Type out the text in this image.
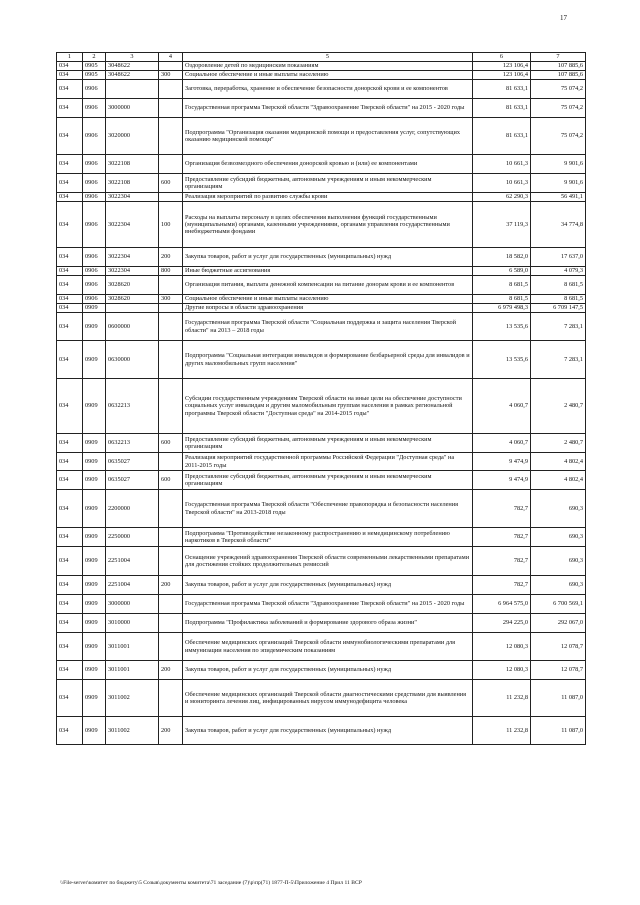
17
1	2	3	4	5	6	7
034	0905	3048622		Оздоровление детей по медицинским показаниям	123 106,4	107 885,6
034	0905	3048622	300	Социальное обеспечение и иные выплаты населению	123 106,4	107 885,6
034	0906			Заготовка, переработка, хранение и обеспечение безопасности донорской крови и ее компонентов	81 633,1	75 074,2
034	0906	3000000		Государственная программа Тверской области "Здравоохранение Тверской области" на 2015 - 2020 годы	81 633,1	75 074,2
034	0906	3020000		Подпрограмма "Организация оказания медицинской помощи и предоставления услуг, сопутствующих оказанию медицинской помощи"	81 633,1	75 074,2
034	0906	3022108		Организация безвозмездного обеспечения донорской кровью и (или) ее компонентами	10 661,3	9 901,6
034	0906	3022108	600	Предоставление субсидий бюджетным, автономным учреждениям и иным некоммерческим организациям	10 661,3	9 901,6
034	0906	3022304		Реализация мероприятий по развитию службы крови	62 290,3	56 491,1
034	0906	3022304	100	Расходы на выплаты персоналу в целях обеспечения выполнения функций государственными (муниципальными) органами, казенными учреждениями, органами управления государственными внебюджетными фондами	37 119,3	34 774,8
034	0906	3022304	200	Закупка товаров, работ и услуг для государственных (муниципальных) нужд	18 582,0	17 637,0
034	0906	3022304	800	Иные бюджетные ассигнования	6 589,0	4 079,3
034	0906	3028620		Организация питания, выплата денежной компенсации на питание донорам крови и ее компонентов	8 681,5	8 681,5
034	0906	3028620	300	Социальное обеспечение и иные выплаты населению	8 681,5	8 681,5
034	0909			Другие вопросы в области здравоохранения	6 979 498,3	6 709 147,5
034	0909	0600000		Государственная программа Тверской области "Социальная поддержка и защита населения Тверской области" на 2013 – 2018 годы	13 535,6	7 283,1
034	0909	0630000		Подпрограмма "Социальная интеграция инвалидов и формирование безбарьерной среды для инвалидов и других маломобильных групп населения"	13 535,6	7 283,1
034	0909	0632213		Субсидии государственным учреждениям Тверской области на иные цели на обеспечение доступности социальных услуг инвалидам и другим маломобильным группам населения в рамках региональной программы Тверской области "Доступная среда" на 2014-2015 годы"	4 060,7	2 480,7
034	0909	0632213	600	Предоставление субсидий бюджетным, автономным учреждениям и иным некоммерческим организациям	4 060,7	2 480,7
034	0909	0635027		Реализация мероприятий государственной программы Российской Федерации "Доступная среда" на 2011-2015 годы	9 474,9	4 802,4
034	0909	0635027	600	Предоставление субсидий бюджетным, автономным учреждениям и иным некоммерческим организациям	9 474,9	4 802,4
034	0909	2200000		Государственная программа Тверской области "Обеспечение правопорядка и безопасности населения Тверской области" на 2013-2018 годы	782,7	690,3
034	0909	2250000		Подпрограмма "Противодействие незаконному распространению и немедицинскому потреблению наркотиков в Тверской области"	782,7	690,3
034	0909	2251004		Оснащение учреждений здравоохранения Тверской области современными лекарственными препаратами для достижения стойких продолжительных ремиссий	782,7	690,3
034	0909	2251004	200	Закупка товаров, работ и услуг для государственных (муниципальных) нужд	782,7	690,3
034	0909	3000000		Государственная программа Тверской области "Здравоохранение Тверской области" на 2015 - 2020 годы	6 964 575,0	6 700 569,1
034	0909	3010000		Подпрограмма "Профилактика заболеваний и формирование здорового образа жизни"	294 225,0	292 067,0
034	0909	3011001		Обеспечение медицинских организаций Тверской области иммунобиологическими препаратами для иммунизации населения по эпидемическим показаниям	12 080,3	12 078,7
034	0909	3011001	200	Закупка товаров, работ и услуг для государственных (муниципальных) нужд	12 080,3	12 078,7
034	0909	3011002		Обеспечение медицинских организаций Тверской области диагностическими средствами для выявления и мониторинга лечения лиц, инфицированных вирусом иммунодефицита человека	11 232,8	11 087,0
034	0909	3011002	200	Закупка товаров, работ и услуг для государственных (муниципальных) нужд	11 232,8	11 087,0
\\File-server\комитет по бюджету\5 Созыв\документы комитета\71 заседание (7)\р\пр(71) 1877-П-5\Приложение 4 Прил 11 ВСР
